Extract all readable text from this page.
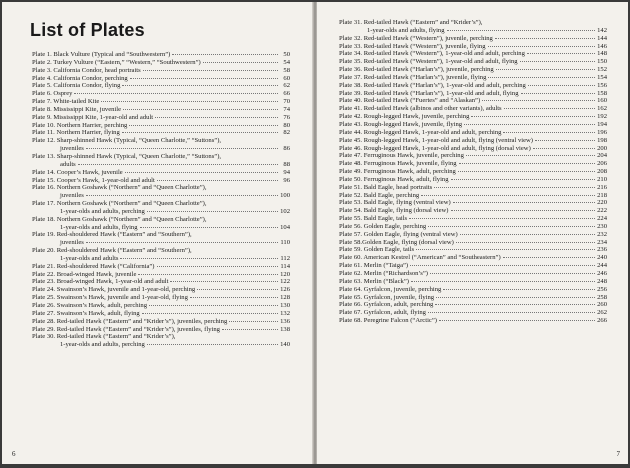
List of Plates
Plate 1. Black Vulture (Typical and “Southwestern”)	50
Plate 2. Turkey Vulture (“Eastern,” “Western,” “Southwestern”)	54
Plate 3. California Condor, head portraits	58
Plate 4. California Condor, perching	60
Plate 5. California Condor, flying	62
Plate 6. Osprey	66
Plate 7. White-tailed Kite	70
Plate 8. Mississippi Kite, juvenile	74
Plate 9. Mississippi Kite, 1-year-old and adult	76
Plate 10. Northern Harrier, perching	80
Plate 11. Northern Harrier, flying	82
Plate 12. Sharp-shinned Hawk (Typical, “Queen Charlotte,” “Suttons”),
juveniles	86
Plate 13. Sharp-shinned Hawk (Typical, “Queen Charlotte,” “Suttons”),
adults	88
Plate 14. Cooper’s Hawk, juvenile	94
Plate 15. Cooper’s Hawk, 1-year-old and adult	96
Plate 16. Northern Goshawk (“Northern” and “Queen Charlotte”),
juveniles	100
Plate 17. Northern Goshawk (“Northern” and “Queen Charlotte”),
1-year-olds and adults, perching	102
Plate 18. Northern Goshawk (“Northern” and “Queen Charlotte”),
1-year-olds and adults, flying	104
Plate 19. Red-shouldered Hawk (“Eastern” and “Southern”),
juveniles	110
Plate 20. Red-shouldered Hawk (“Eastern” and “Southern”),
1-year-olds and adults	112
Plate 21. Red-shouldered Hawk (“California”)	114
Plate 22. Broad-winged Hawk, juvenile	120
Plate 23. Broad-winged Hawk, 1-year-old and adult	122
Plate 24. Swainson’s Hawk, juvenile and 1-year-old, perching	126
Plate 25. Swainson’s Hawk, juvenile and 1-year-old, flying	128
Plate 26. Swainson’s Hawk, adult, perching	130
Plate 27. Swainson’s Hawk, adult, flying	132
Plate 28. Red-tailed Hawk (“Eastern” and “Krider’s”), juveniles, perching	136
Plate 29. Red-tailed Hawk (“Eastern” and “Krider’s”), juveniles, flying	138
Plate 30. Red-tailed Hawk (“Eastern” and “Krider’s”),
1-year-olds and adults, perching	140
6
Plate 31. Red-tailed Hawk (“Eastern” and “Krider’s”),
1-year-olds and adults, flying	142
Plate 32. Red-tailed Hawk (“Western”), juvenile, perching	144
Plate 33. Red-tailed Hawk (“Western”), juvenile, flying	146
Plate 34. Red-tailed Hawk (“Western”), 1-year-old and adult, perching	148
Plate 35. Red-tailed Hawk (“Western”), 1-year-old and adult, flying	150
Plate 36. Red-tailed Hawk (“Harlan’s”), juvenile, perching	152
Plate 37. Red-tailed Hawk (“Harlan’s”), juvenile, flying	154
Plate 38. Red-tailed Hawk (“Harlan’s”), 1-year-old and adult, perching	156
Plate 39. Red-tailed Hawk (“Harlan’s”), 1-year-old and adult, flying	158
Plate 40. Red-tailed Hawk (“Fuertes” and “Alaskan”)	160
Plate 41. Red-tailed Hawk (albinos and other variants), adults	162
Plate 42. Rough-legged Hawk, juvenile, perching	192
Plate 43. Rough-legged Hawk, juvenile, flying	194
Plate 44. Rough-legged Hawk, 1-year-old and adult, perching	196
Plate 45. Rough-legged Hawk, 1-year-old and adult, flying (ventral view)	198
Plate 46. Rough-legged Hawk, 1-year-old and adult, flying (dorsal view)	200
Plate 47. Ferruginous Hawk, juvenile, perching	204
Plate 48. Ferruginous Hawk, juvenile, flying	206
Plate 49. Ferruginous Hawk, adult, perching	208
Plate 50. Ferruginous Hawk, adult, flying	210
Plate 51. Bald Eagle, head portraits	216
Plate 52. Bald Eagle, perching	218
Plate 53. Bald Eagle, flying (ventral view)	220
Plate 54. Bald Eagle, flying (dorsal view)	222
Plate 55. Bald Eagle, tails	224
Plate 56. Golden Eagle, perching	230
Plate 57. Golden Eagle, flying (ventral view)	232
Plate 58.Golden Eagle, flying (dorsal view)	234
Plate 59. Golden Eagle, tails	236
Plate 60. American Kestrel (“American” and “Southeastern”)	240
Plate 61. Merlin (“Taiga”)	244
Plate 62. Merlin (“Richardson’s”)	246
Plate 63. Merlin (“Black”)	248
Plate 64. Gyrfalcon, juvenile, perching	256
Plate 65. Gyrfalcon, juvenile, flying	258
Plate 66. Gyrfalcon, adult, perching	260
Plate 67. Gyrfalcon, adult, flying	262
Plate 68. Peregrine Falcon (“Arctic”)	266
7
